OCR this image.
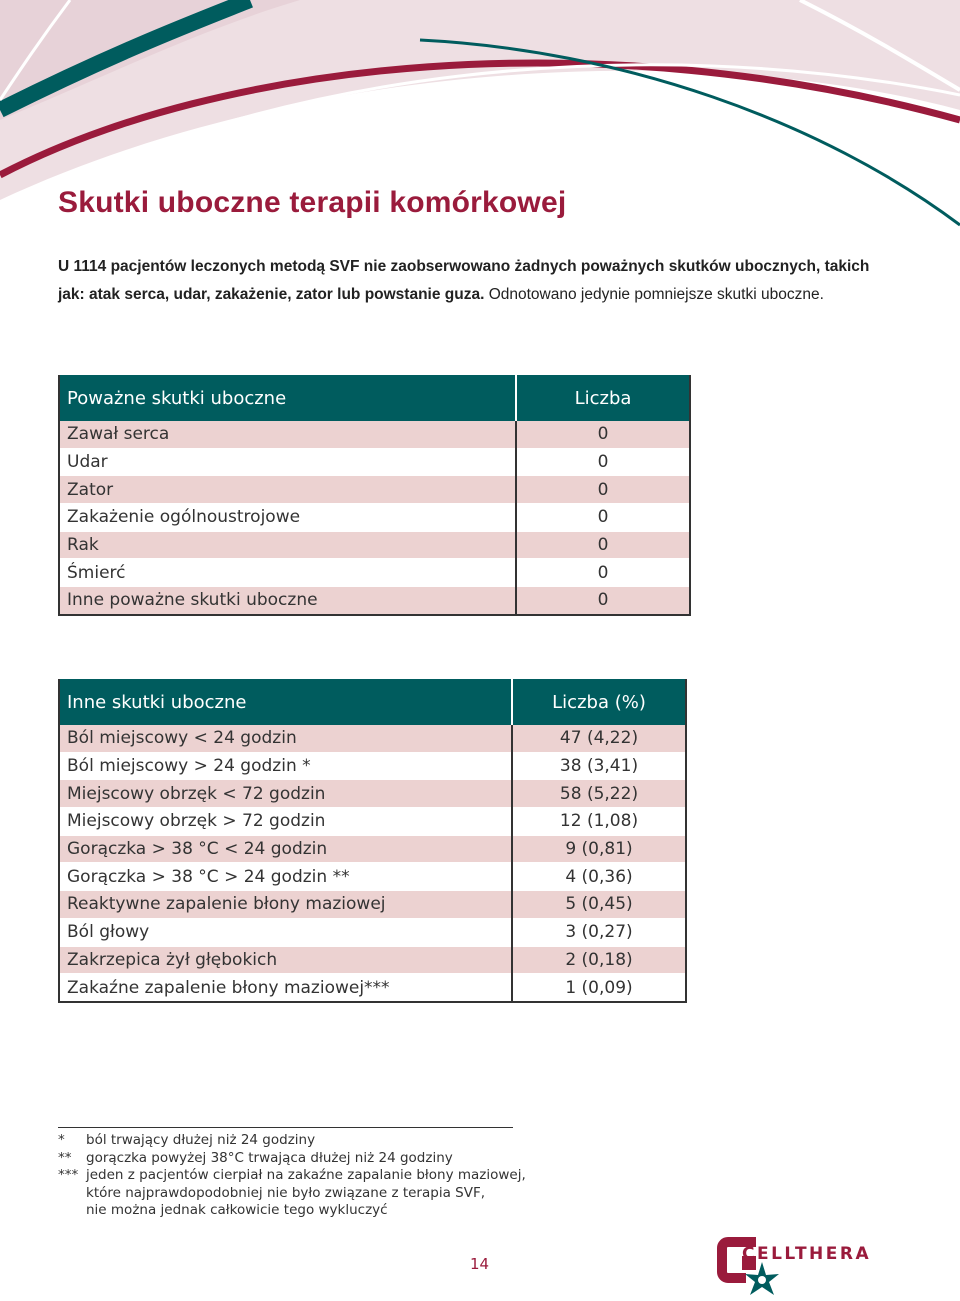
Skutki uboczne terapii komórkowej

U 1114 pacjentów leczonych metodą SVF nie zaobserwowano żadnych poważnych skutków ubocznych, takich jak: atak serca, udar, zakażenie, zator lub powstanie guza. Odnotowano jedynie pomniejsze skutki uboczne.

Poważne skutki uboczne	Liczba
Zawał serca	0
Udar	0
Zator	0
Zakażenie ogólnoustrojowe	0
Rak	0
Śmierć	0
Inne poważne skutki uboczne	0
Inne skutki uboczne	Liczba (%)
Ból miejscowy < 24 godzin	47 (4,22)
Ból miejscowy > 24 godzin *	38 (3,41)
Miejscowy obrzęk < 72 godzin	58 (5,22)
Miejscowy obrzęk > 72 godzin	12 (1,08)
Gorączka > 38 °C < 24 godzin	9 (0,81)
Gorączka > 38 °C > 24 godzin **	4 (0,36)
Reaktywne zapalenie błony maziowej	5 (0,45)
Ból głowy	3 (0,27)
Zakrzepica żył głębokich	2 (0,18)
Zakaźne zapalenie błony maziowej***	1 (0,09)
*	ból trwający dłużej niż 24 godziny
**	gorączka powyżej 38°C trwająca dłużej niż 24 godziny
*** jeden z pacjentów cierpiał na zakaźne zapalanie błony maziowej,
które najprawdopodobniej nie było związane z terapia SVF,
nie można jednak całkowicie tego wykluczyć
14	CELLTHERA
